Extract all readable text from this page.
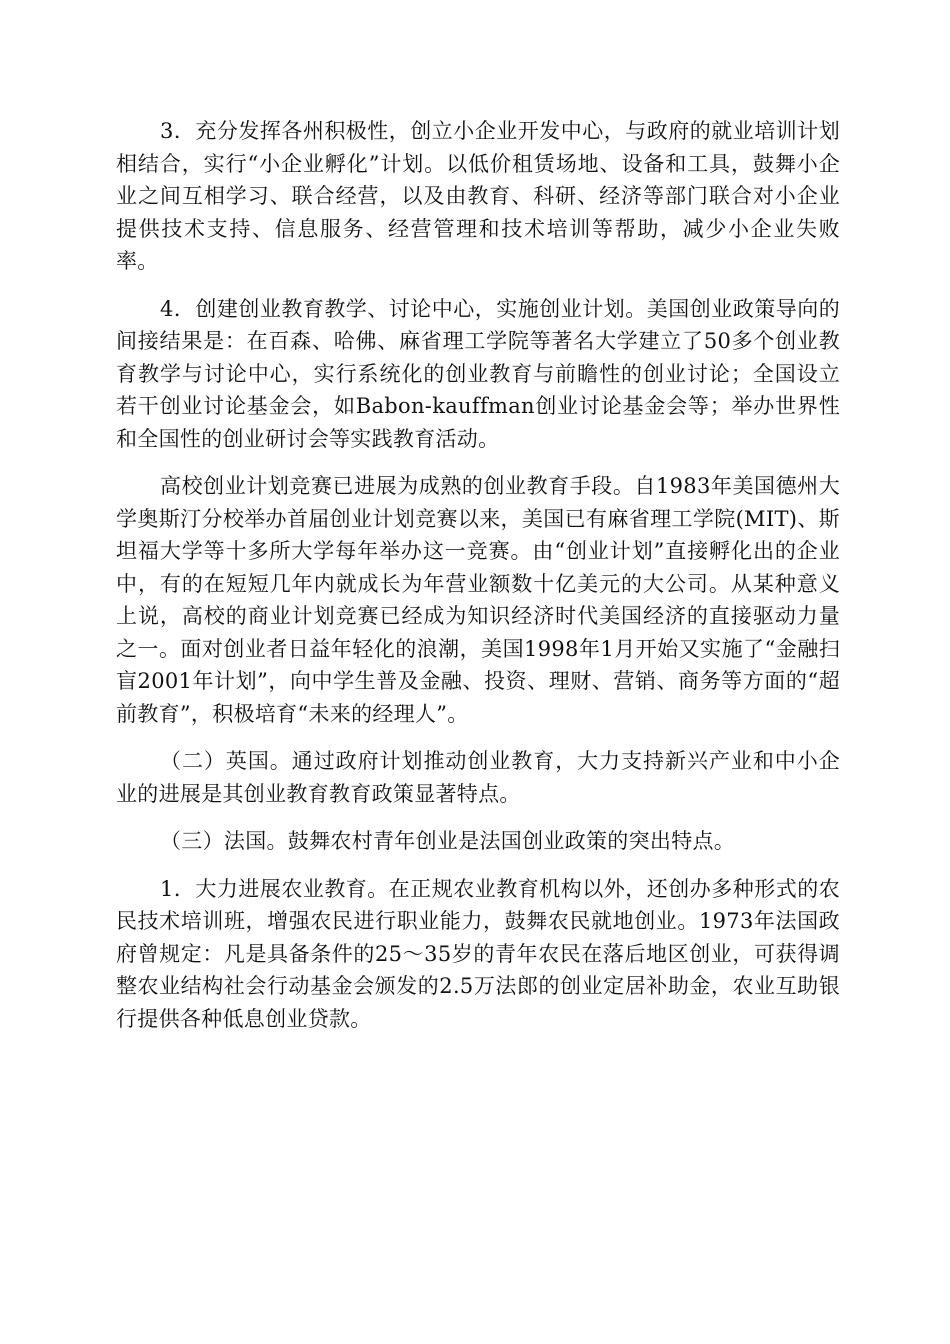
3．充分发挥各州积极性，创立小企业开发中心，与政府的就业培训计划相结合，实行“小企业孵化”计划。以低价租赁场地、设备和工具，鼓舞小企业之间互相学习、联合经营，以及由教育、科研、经济等部门联合对小企业提供技术支持、信息服务、经营管理和技术培训等帮助，减少小企业失败率。

4．创建创业教育教学、讨论中心，实施创业计划。美国创业政策导向的间接结果是：在百森、哈佛、麻省理工学院等著名大学建立了50多个创业教育教学与讨论中心，实行系统化的创业教育与前瞻性的创业讨论；全国设立若干创业讨论基金会，如Babon-kauffman创业讨论基金会等；举办世界性和全国性的创业研讨会等实践教育活动。

高校创业计划竞赛已进展为成熟的创业教育手段。自1983年美国德州大学奥斯汀分校举办首届创业计划竞赛以来，美国已有麻省理工学院(MIT)、斯坦福大学等十多所大学每年举办这一竞赛。由“创业计划”直接孵化出的企业中，有的在短短几年内就成长为年营业额数十亿美元的大公司。从某种意义上说，高校的商业计划竞赛已经成为知识经济时代美国经济的直接驱动力量之一。面对创业者日益年轻化的浪潮，美国1998年1月开始又实施了“金融扫盲2001年计划”，向中学生普及金融、投资、理财、营销、商务等方面的“超前教育”，积极培育“未来的经理人”。

（二）英国。通过政府计划推动创业教育，大力支持新兴产业和中小企业的进展是其创业教育教育政策显著特点。

（三）法国。鼓舞农村青年创业是法国创业政策的突出特点。

1．大力进展农业教育。在正规农业教育机构以外，还创办多种形式的农民技术培训班，增强农民进行职业能力，鼓舞农民就地创业。1973年法国政府曾规定：凡是具备条件的25～35岁的青年农民在落后地区创业，可获得调整农业结构社会行动基金会颁发的2.5万法郎的创业定居补助金，农业互助银行提供各种低息创业贷款。
